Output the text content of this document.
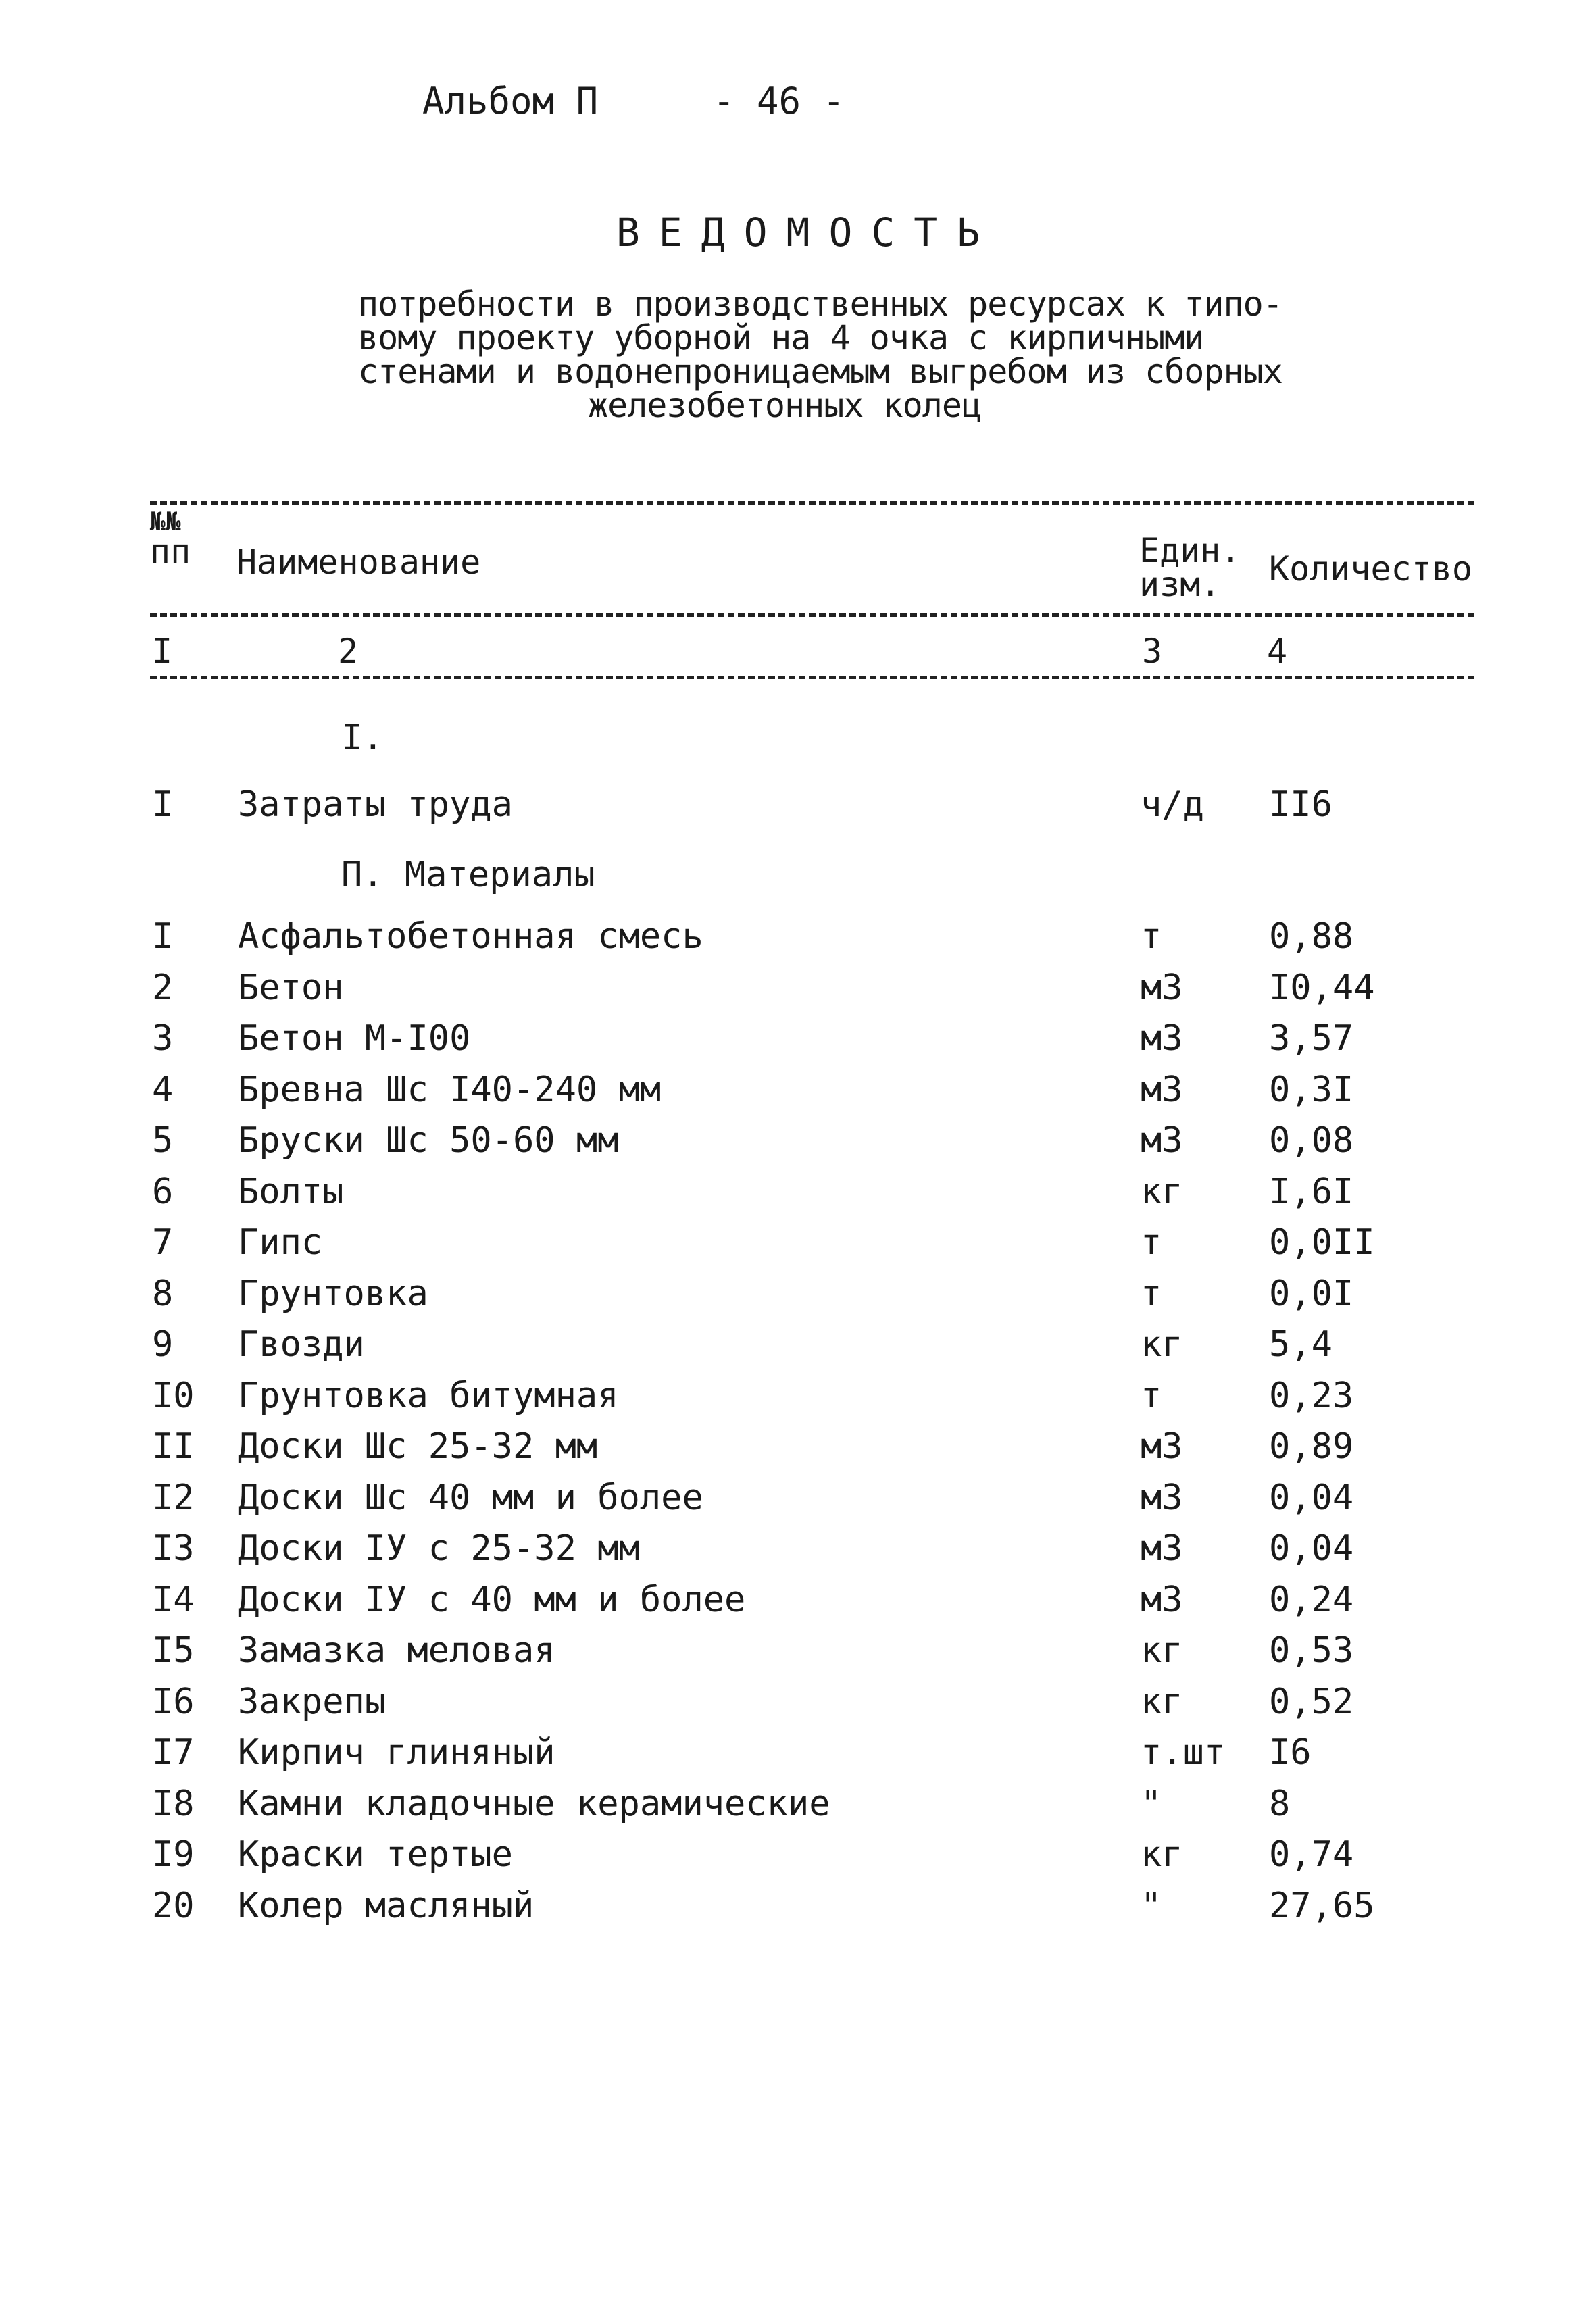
Альбом П	- 46 -
ВЕДОМОСТЬ
потребности в производственных ресурсах к типо-
вому проекту уборной на 4 очка с кирпичными
стенами и водонепроницаемым выгребом из сборных
железобетонных колец
№№
пп Наименование	Един.
изм.	Количество
I	2	3	4
I.
I Затраты труда	ч/д II6
П. Материалы
I Асфальтобетонная смесь	т	0,88
2 Бетон	м3 I0,44
3 Бетон М-I00	м3 3,57
4 Бревна Шс I40-240 мм	м3 0,3I
5 Бруски Шс 50-60 мм	м3 0,08
6 Болты	кг I,6I
7 Гипс	т	0,0II
8 Грунтовка	т	0,0I
9 Гвозди	кг 5,4
I0 Грунтовка битумная	т	0,23
II Доски Шс 25-32 мм	м3 0,89
I2 Доски Шс 40 мм и более	м3 0,04
I3 Доски IУ с 25-32 мм	м3 0,04
I4 Доски IУ с 40 мм и более	м3 0,24
I5 Замазка меловая	кг 0,53
I6 Закрепы	кг 0,52
I7 Кирпич глиняный	т.шт I6
I8 Камни кладочные керамические	"	8
I9 Краски тертые	кг 0,74
20 Колер масляный	"	27,65
